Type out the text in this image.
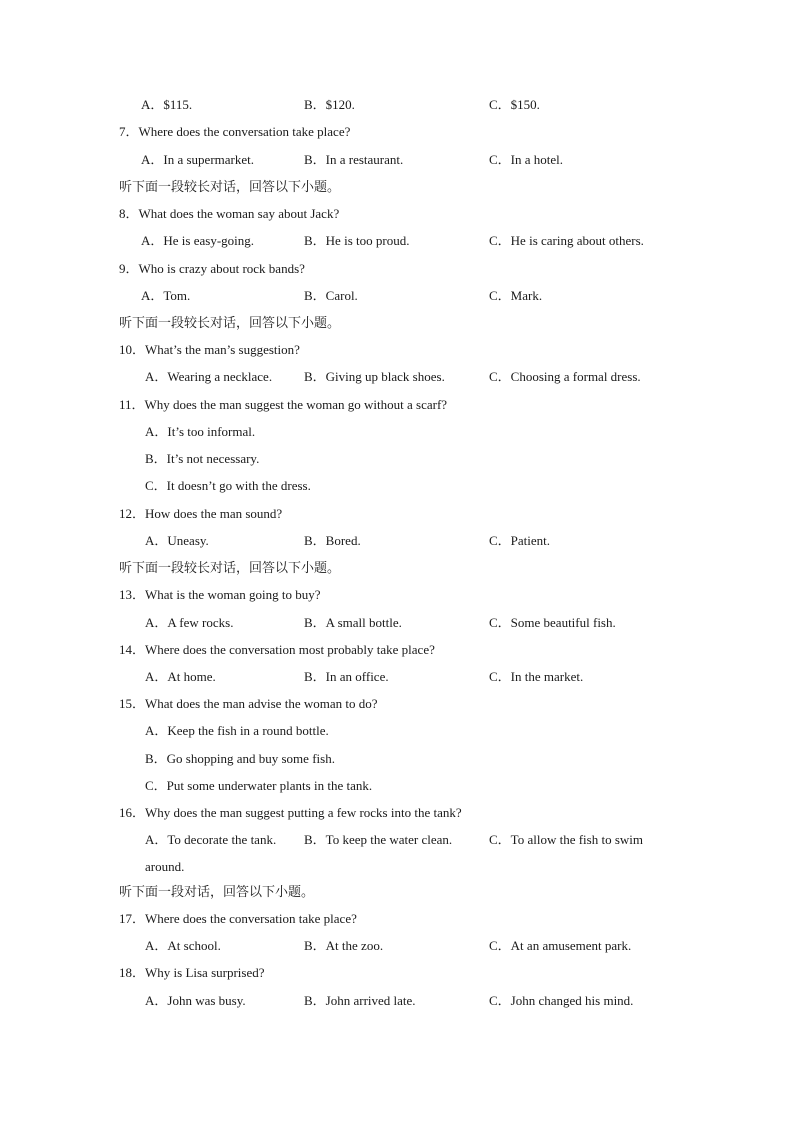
A．$115.	B．$120.	C．$150.
7．Where does the conversation take place?
A．In a supermarket.	B．In a restaurant.	C．In a hotel.
听下面一段较长对话，回答以下小题。
8．What does the woman say about Jack?
A．He is easy-going.	B．He is too proud.	C．He is caring about others.
9．Who is crazy about rock bands?
A．Tom.	B．Carol.	C．Mark.
听下面一段较长对话，回答以下小题。
10．What’s the man’s suggestion?
A．Wearing a necklace. B．Giving up black shoes.	C．Choosing a formal dress.
11．Why does the man suggest the woman go without a scarf?
A．It’s too informal.
B．It’s not necessary.
C．It doesn’t go with the dress.
12．How does the man sound?
A．Uneasy.	B．Bored.	C．Patient.
听下面一段较长对话，回答以下小题。
13．What is the woman going to buy?
A．A few rocks.	B．A small bottle.	C．Some beautiful fish.
14．Where does the conversation most probably take place?
A．At home.	B．In an office.	C．In the market.
15．What does the man advise the woman to do?
A．Keep the fish in a round bottle.
B．Go shopping and buy some fish.
C．Put some underwater plants in the tank.
16．Why does the man suggest putting a few rocks into the tank?
A．To decorate the tank. B．To keep the water clean.	C．To allow the fish to swim
around.
听下面一段对话，回答以下小题。
17．Where does the conversation take place?
A．At school.	B．At the zoo.	C．At an amusement park.
18．Why is Lisa surprised?
A．John was busy.	B．John arrived late.	C．John changed his mind.
